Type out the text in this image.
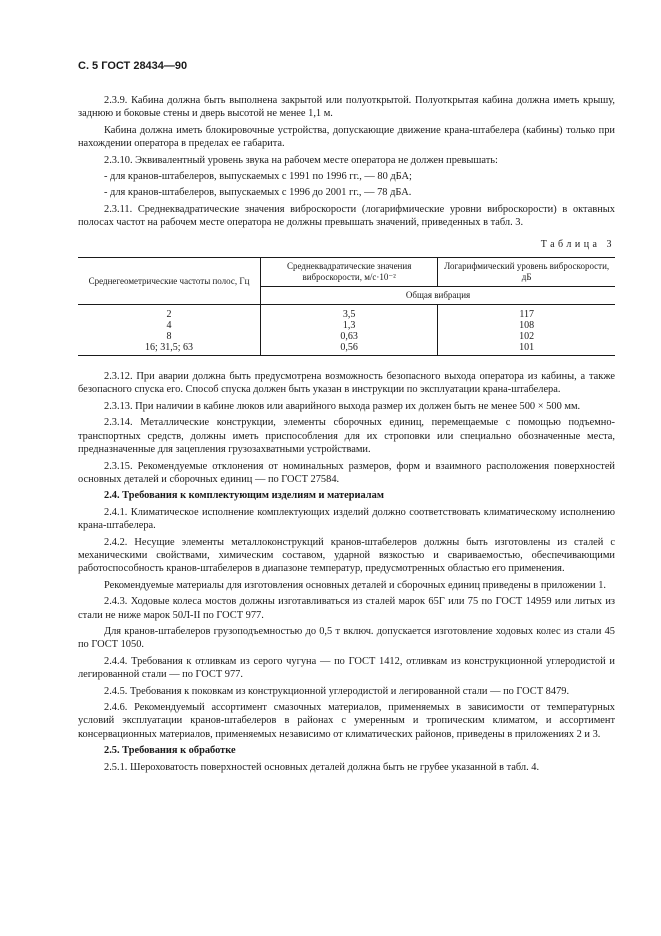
С. 5 ГОСТ 28434—90

2.3.9. Кабина должна быть выполнена закрытой или полуоткрытой. Полуоткрытая кабина должна иметь крышу, заднюю и боковые стены и дверь высотой не менее 1,1 м.

Кабина должна иметь блокировочные устройства, допускающие движение крана-штабелера (кабины) только при нахождении оператора в пределах ее габарита.

2.3.10. Эквивалентный уровень звука на рабочем месте оператора не должен превышать:

- для кранов-штабелеров, выпускаемых с 1991 по 1996 гг., — 80 дБА;

- для кранов-штабелеров, выпускаемых с 1996 до 2001 гг., — 78 дБА.

2.3.11. Среднеквадратические значения виброскорости (логарифмические уровни виброскорости) в октавных полосах частот на рабочем месте оператора не должны превышать значений, приведенных в табл. 3.

Таблица 3
Среднегеометрические частоты полос, Гц	Среднеквадратические значения виброскорости, м/с·10⁻²	Логарифмический уровень виброскорости, дБ
	Общая вибрация	
2	3,5	117
4	1,3	108
8	0,63	102
16; 31,5; 63	0,56	101

2.3.12. При аварии должна быть предусмотрена возможность безопасного выхода оператора из кабины, а также безопасного спуска его. Способ спуска должен быть указан в инструкции по эксплуатации крана-штабелера.

2.3.13. При наличии в кабине люков или аварийного выхода размер их должен быть не менее 500 × 500 мм.

2.3.14. Металлические конструкции, элементы сборочных единиц, перемещаемые с помощью подъемно-транспортных средств, должны иметь приспособления для их строповки или специально обозначенные места, предназначенные для зацепления грузозахватными устройствами.

2.3.15. Рекомендуемые отклонения от номинальных размеров, форм и взаимного расположения поверхностей основных деталей и сборочных единиц — по ГОСТ 27584.

2.4. Требования к комплектующим изделиям и материалам

2.4.1. Климатическое исполнение комплектующих изделий должно соответствовать климатическому исполнению крана-штабелера.

2.4.2. Несущие элементы металлоконструкций кранов-штабелеров должны быть изготовлены из сталей с механическими свойствами, химическим составом, ударной вязкостью и свариваемостью, обеспечивающими работоспособность кранов-штабелеров в диапазоне температур, предусмотренных областью его применения.

Рекомендуемые материалы для изготовления основных деталей и сборочных единиц приведены в приложении 1.

2.4.3. Ходовые колеса мостов должны изготавливаться из сталей марок 65Г или 75 по ГОСТ 14959 или литых из стали не ниже марок 50Л-II по ГОСТ 977.

Для кранов-штабелеров грузоподъемностью до 0,5 т включ. допускается изготовление ходовых колес из стали 45 по ГОСТ 1050.

2.4.4. Требования к отливкам из серого чугуна — по ГОСТ 1412, отливкам из конструкционной углеродистой и легированной стали — по ГОСТ 977.

2.4.5. Требования к поковкам из конструкционной углеродистой и легированной стали — по ГОСТ 8479.

2.4.6. Рекомендуемый ассортимент смазочных материалов, применяемых в зависимости от температурных условий эксплуатации кранов-штабелеров в районах с умеренным и тропическим климатом, и ассортимент консервационных материалов, применяемых независимо от климатических районов, приведены в приложениях 2 и 3.

2.5. Требования к обработке

2.5.1. Шероховатость поверхностей основных деталей должна быть не грубее указанной в табл. 4.
